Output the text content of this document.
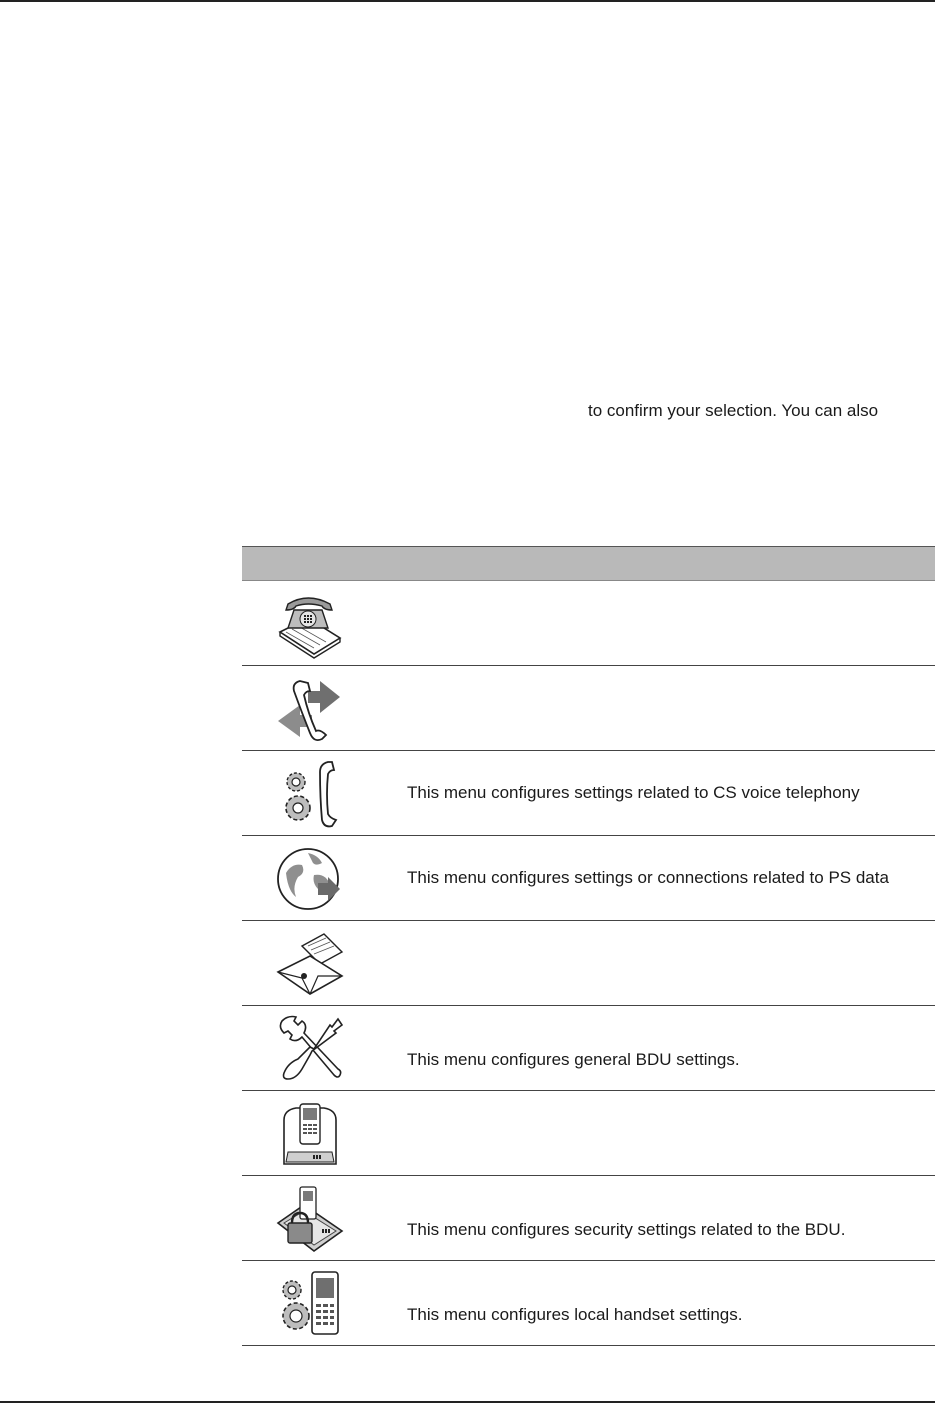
to confirm your selection. You can also
This menu configures settings related to CS voice telephony
This menu configures settings or connections related to PS data
This menu configures general BDU settings.
This menu configures security settings related to the BDU.
This menu configures local handset settings.
